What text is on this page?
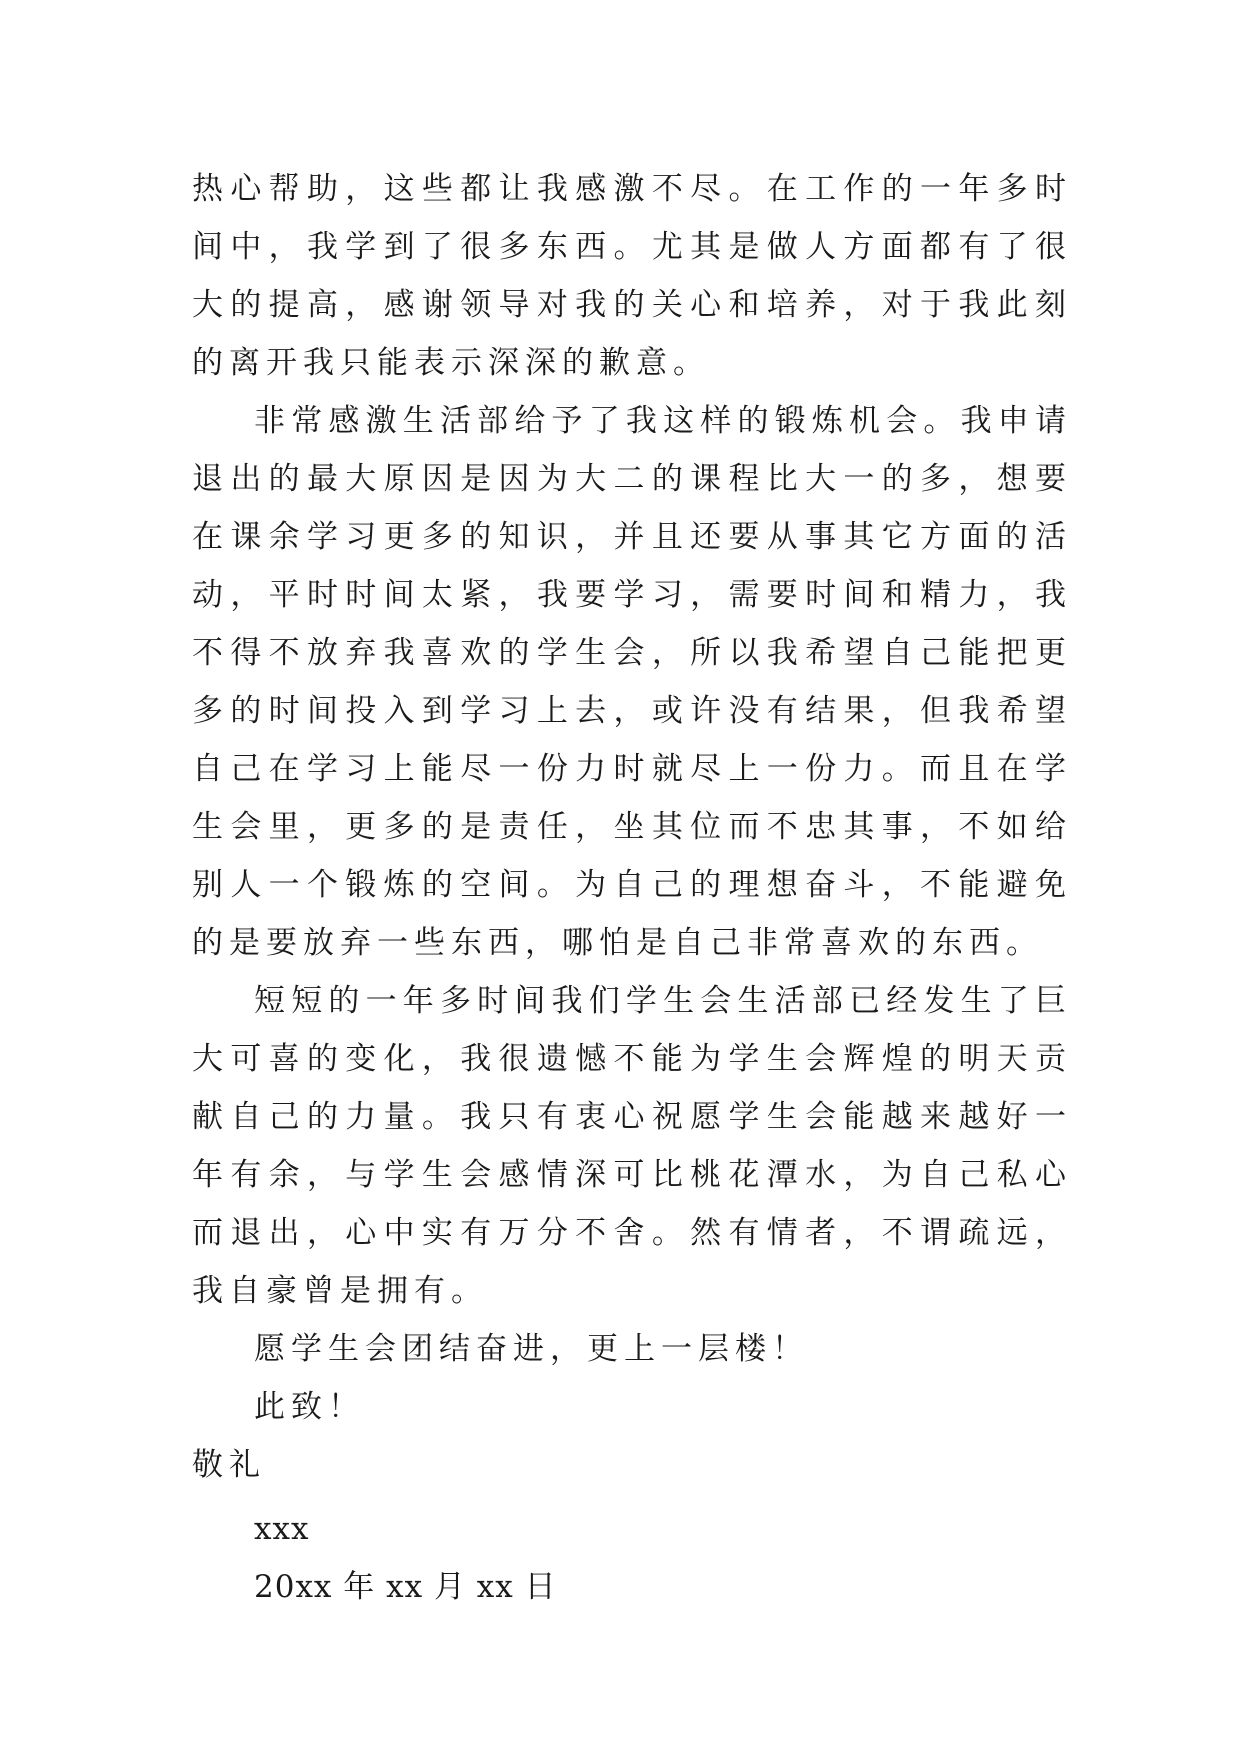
热心帮助，这些都让我感激不尽。在工作的一年多时间中，我学到了很多东西。尤其是做人方面都有了很大的提高，感谢领导对我的关心和培养，对于我此刻的离开我只能表示深深的歉意。

非常感激生活部给予了我这样的锻炼机会。我申请退出的最大原因是因为大二的课程比大一的多，想要在课余学习更多的知识，并且还要从事其它方面的活动，平时时间太紧，我要学习，需要时间和精力，我不得不放弃我喜欢的学生会，所以我希望自己能把更多的时间投入到学习上去，或许没有结果，但我希望自己在学习上能尽一份力时就尽上一份力。而且在学生会里，更多的是责任，坐其位而不忠其事，不如给别人一个锻炼的空间。为自己的理想奋斗，不能避免的是要放弃一些东西，哪怕是自己非常喜欢的东西。

短短的一年多时间我们学生会生活部已经发生了巨大可喜的变化，我很遗憾不能为学生会辉煌的明天贡献自己的力量。我只有衷心祝愿学生会能越来越好一年有余，与学生会感情深可比桃花潭水，为自己私心而退出，心中实有万分不舍。然有情者，不谓疏远，我自豪曾是拥有。

愿学生会团结奋进，更上一层楼！
此致！
敬礼
xxx
20xx 年 xx 月 xx 日
